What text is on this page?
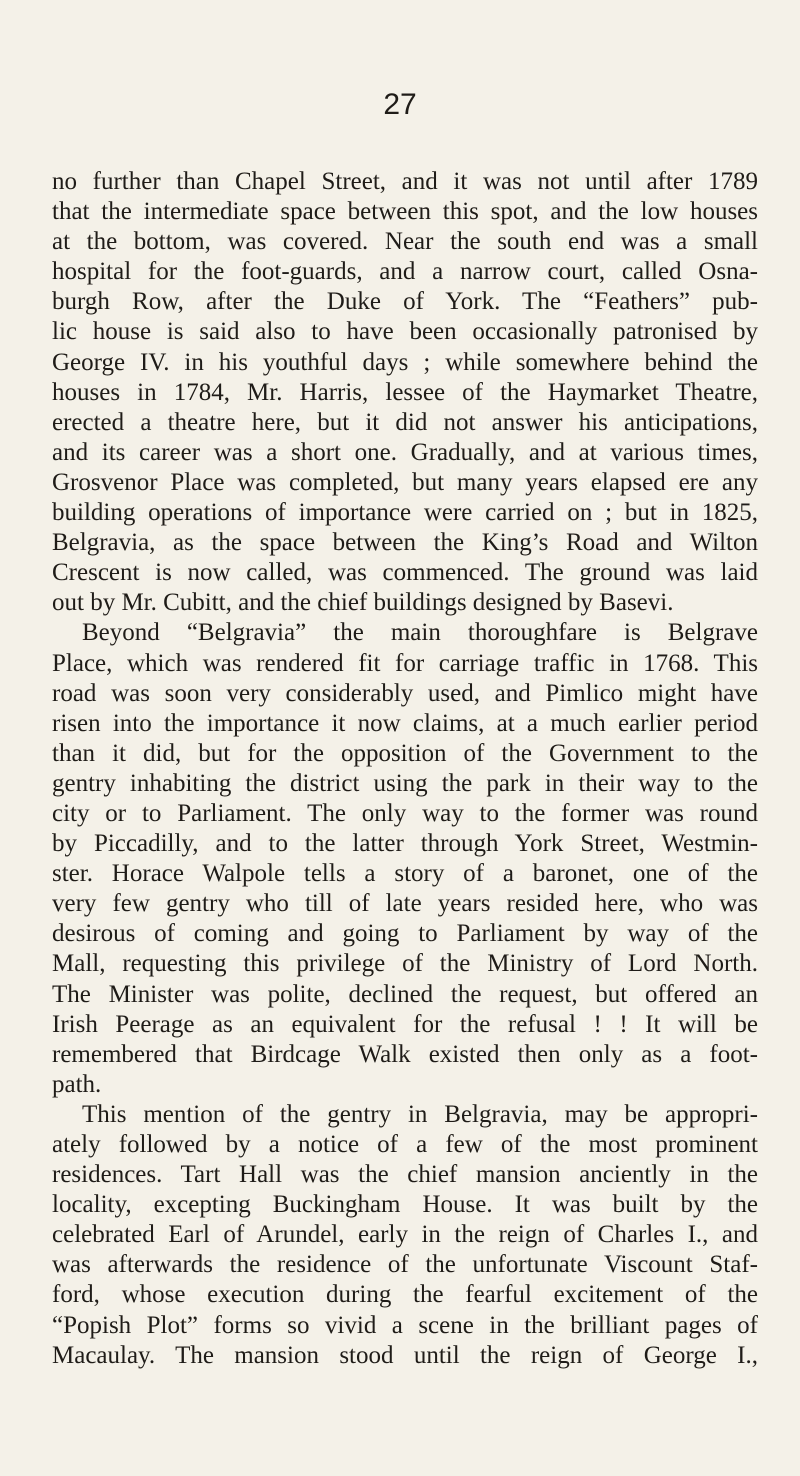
27
no further than Chapel Street, and it was not until after 1789
that the intermediate space between this spot, and the low houses
at the bottom, was covered. Near the south end was a small
hospital for the foot-guards, and a narrow court, called Osna-
burgh Row, after the Duke of York. The “Feathers” pub-
lic house is said also to have been occasionally patronised by
George IV. in his youthful days ; while somewhere behind the
houses in 1784, Mr. Harris, lessee of the Haymarket Theatre,
erected a theatre here, but it did not answer his anticipations,
and its career was a short one. Gradually, and at various times,
Grosvenor Place was completed, but many years elapsed ere any
building operations of importance were carried on ; but in 1825,
Belgravia, as the space between the King’s Road and Wilton
Crescent is now called, was commenced. The ground was laid
out by Mr. Cubitt, and the chief buildings designed by Basevi.
Beyond “Belgravia” the main thoroughfare is Belgrave
Place, which was rendered fit for carriage traffic in 1768. This
road was soon very considerably used, and Pimlico might have
risen into the importance it now claims, at a much earlier period
than it did, but for the opposition of the Government to the
gentry inhabiting the district using the park in their way to the
city or to Parliament. The only way to the former was round
by Piccadilly, and to the latter through York Street, Westmin-
ster. Horace Walpole tells a story of a baronet, one of the
very few gentry who till of late years resided here, who was
desirous of coming and going to Parliament by way of the
Mall, requesting this privilege of the Ministry of Lord North.
The Minister was polite, declined the request, but offered an
Irish Peerage as an equivalent for the refusal ! ! It will be
remembered that Birdcage Walk existed then only as a foot-
path.
This mention of the gentry in Belgravia, may be appropri-
ately followed by a notice of a few of the most prominent
residences. Tart Hall was the chief mansion anciently in the
locality, excepting Buckingham House. It was built by the
celebrated Earl of Arundel, early in the reign of Charles I., and
was afterwards the residence of the unfortunate Viscount Staf-
ford, whose execution during the fearful excitement of the
“Popish Plot” forms so vivid a scene in the brilliant pages of
Macaulay. The mansion stood until the reign of George I.,
